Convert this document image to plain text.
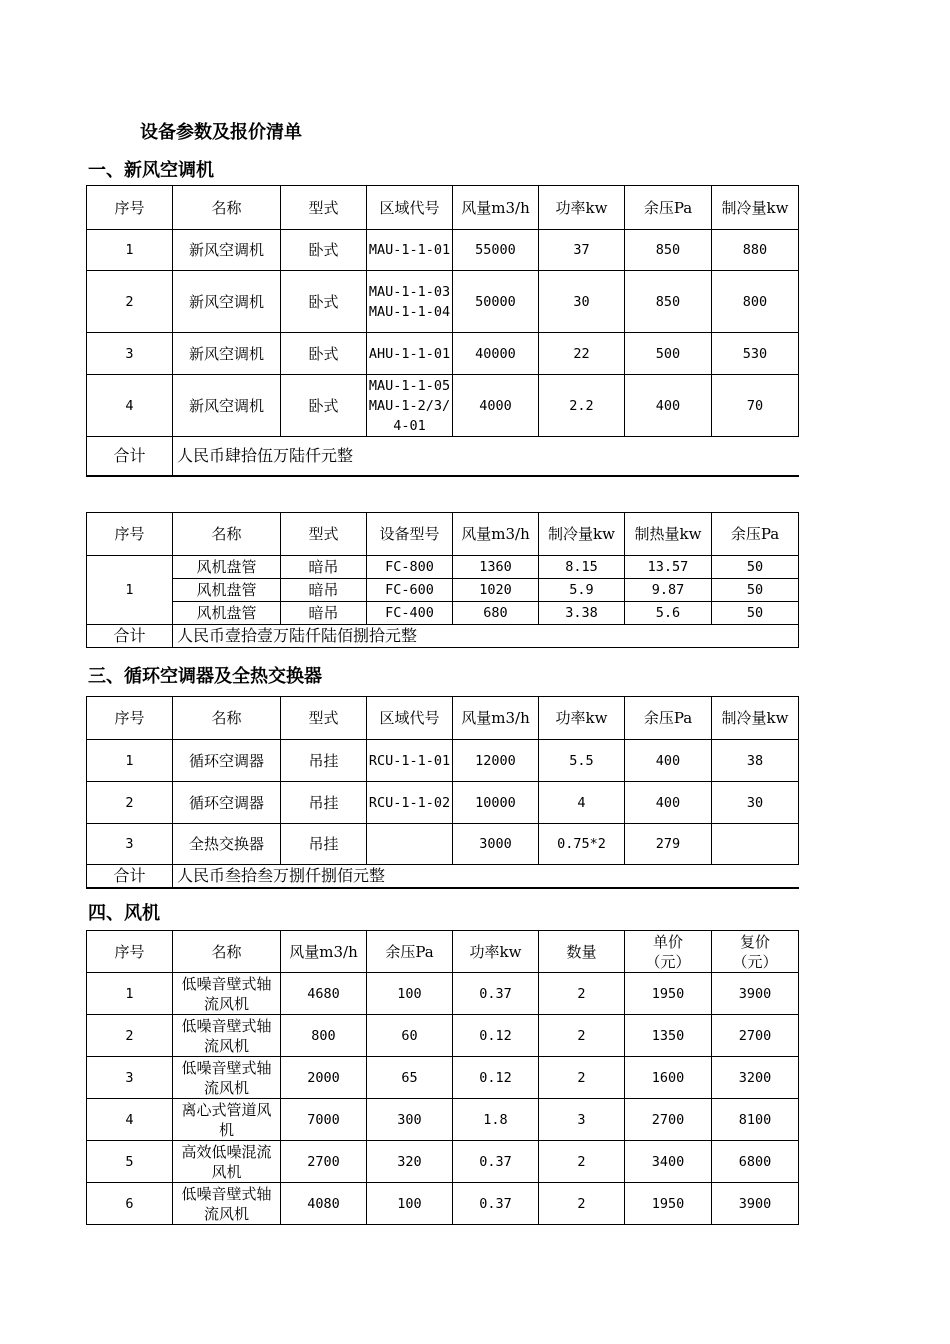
设备参数及报价清单
一、新风空调机
序号	名称	型式	区域代号	风量m3/h	功率kw	余压Pa	制冷量kw
1	新风空调机	卧式	MAU-1-1-01	55000	37	850	880
2	新风空调机	卧式	MAU-1-1-03MAU-1-1-04	50000	30	850	800
3	新风空调机	卧式	AHU-1-1-01	40000	22	500	530
4	新风空调机	卧式	MAU-1-1-05MAU-1-2/3/4-01	4000	2.2	400	70
合计	人民币肆拾伍万陆仟元整						
序号	名称	型式	设备型号	风量m3/h	制冷量kw	制热量kw	余压Pa
1	风机盘管	暗吊	FC-800	1360	8.15	13.57	50
	风机盘管	暗吊	FC-600	1020	5.9	9.87	50
	风机盘管	暗吊	FC-400	680	3.38	5.6	50
合计	人民币壹拾壹万陆仟陆佰捌拾元整						
三、循环空调器及全热交换器
序号	名称	型式	区域代号	风量m3/h	功率kw	余压Pa	制冷量kw
1	循环空调器	吊挂	RCU-1-1-01	12000	5.5	400	38
2	循环空调器	吊挂	RCU-1-1-02	10000	4	400	30
3	全热交换器	吊挂		3000	0.75*2	279	
合计	人民币叁拾叁万捌仟捌佰元整						
四、风机
序号	名称	风量m3/h	余压Pa	功率kw	数量	单价（元）	复价（元）
1	低噪音壁式轴流风机	4680	100	0.37	2	1950	3900
2	低噪音壁式轴流风机	800	60	0.12	2	1350	2700
3	低噪音壁式轴流风机	2000	65	0.12	2	1600	3200
4	离心式管道风机	7000	300	1.8	3	2700	8100
5	高效低噪混流风机	2700	320	0.37	2	3400	6800
6	低噪音壁式轴流风机	4080	100	0.37	2	1950	3900
